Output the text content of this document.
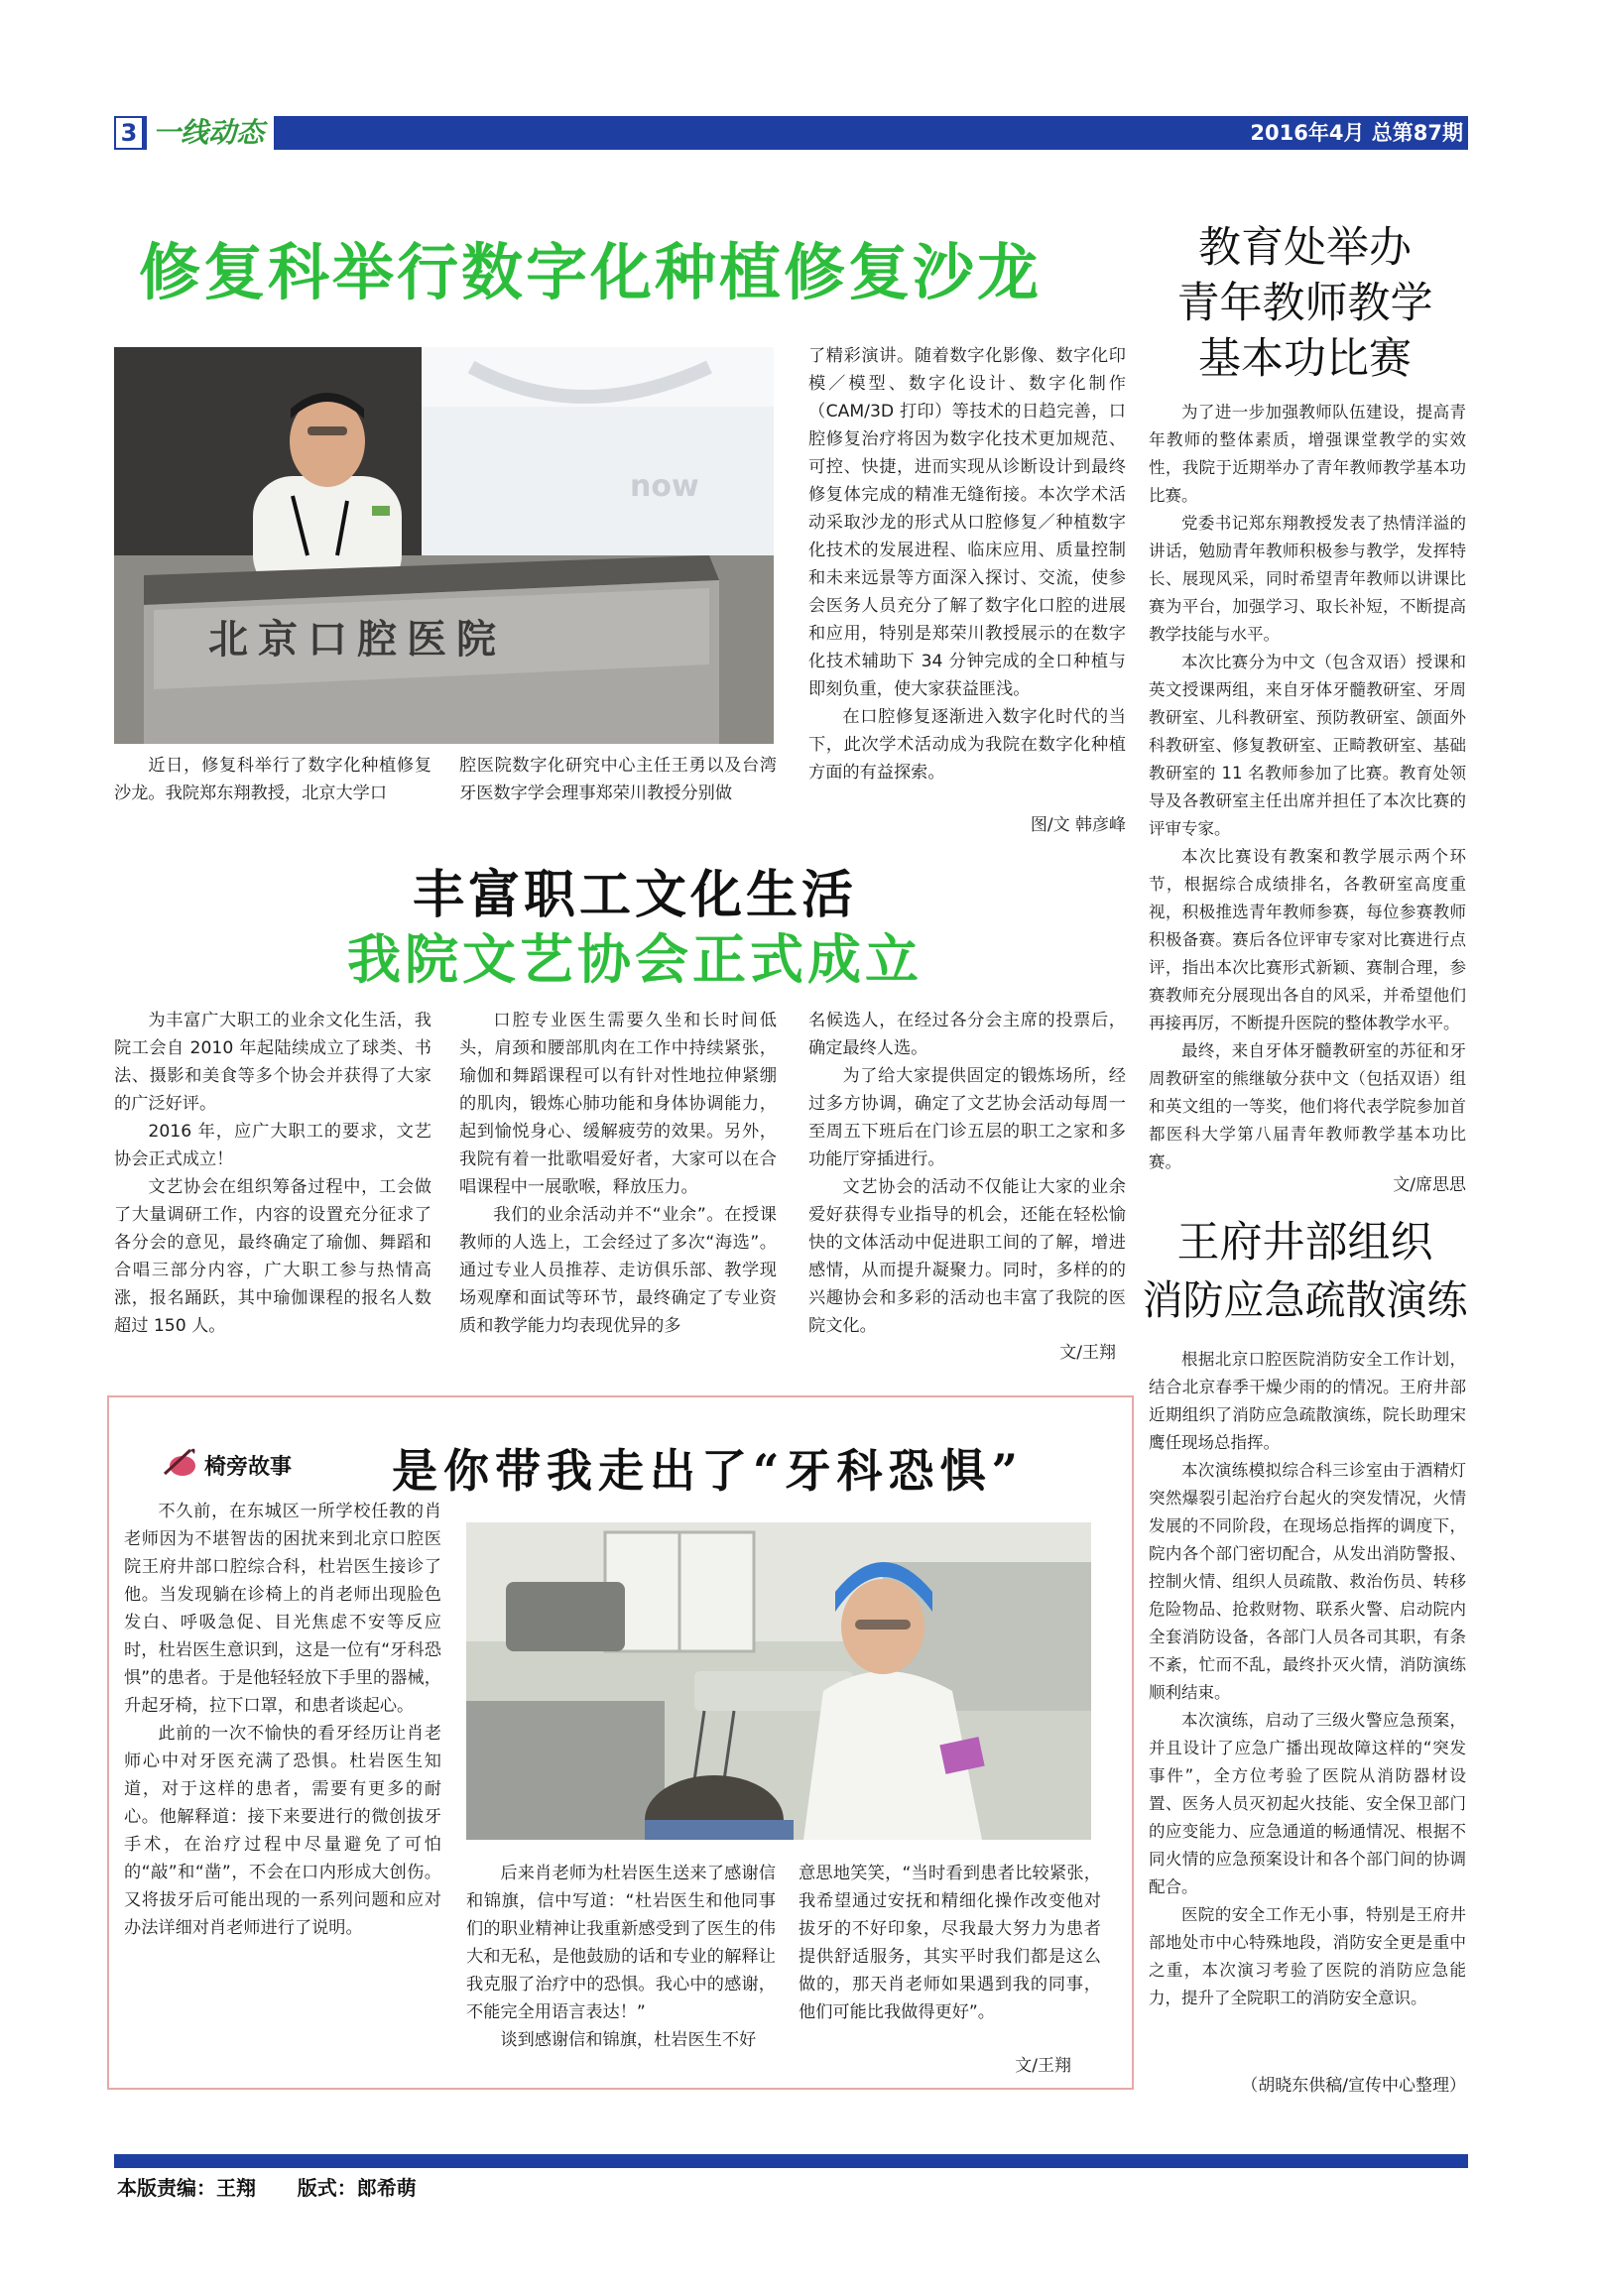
3 一线动态	2016年4月 总第87期
修复科举行数字化种植修复沙龙
now
北京口腔医院

近日，修复科举行了数字化种植修复沙龙。我院郑东翔教授，北京大学口

腔医院数字化研究中心主任王勇以及台湾牙医数字学会理事郑荣川教授分别做

了精彩演讲。随着数字化影像、数字化印模／模型、数字化设计、数字化制作（CAM/3D 打印）等技术的日趋完善，口腔修复治疗将因为数字化技术更加规范、可控、快捷，进而实现从诊断设计到最终修复体完成的精准无缝衔接。本次学术活动采取沙龙的形式从口腔修复／种植数字化技术的发展进程、临床应用、质量控制和未来远景等方面深入探讨、交流，使参会医务人员充分了解了数字化口腔的进展和应用，特别是郑荣川教授展示的在数字化技术辅助下 34 分钟完成的全口种植与即刻负重，使大家获益匪浅。

在口腔修复逐渐进入数字化时代的当下，此次学术活动成为我院在数字化种植方面的有益探索。

图/文 韩彦峰
教育处举办
青年教师教学
基本功比赛

为了进一步加强教师队伍建设，提高青年教师的整体素质，增强课堂教学的实效性，我院于近期举办了青年教师教学基本功比赛。

党委书记郑东翔教授发表了热情洋溢的讲话，勉励青年教师积极参与教学，发挥特长、展现风采，同时希望青年教师以讲课比赛为平台，加强学习、取长补短，不断提高教学技能与水平。

本次比赛分为中文（包含双语）授课和英文授课两组，来自牙体牙髓教研室、牙周教研室、儿科教研室、预防教研室、颌面外科教研室、修复教研室、正畸教研室、基础教研室的 11 名教师参加了比赛。教育处领导及各教研室主任出席并担任了本次比赛的评审专家。

本次比赛设有教案和教学展示两个环节，根据综合成绩排名，各教研室高度重视，积极推选青年教师参赛，每位参赛教师积极备赛。赛后各位评审专家对比赛进行点评，指出本次比赛形式新颖、赛制合理，参赛教师充分展现出各自的风采，并希望他们再接再厉，不断提升医院的整体教学水平。

最终，来自牙体牙髓教研室的苏征和牙周教研室的熊继敏分获中文（包括双语）组和英文组的一等奖，他们将代表学院参加首都医科大学第八届青年教师教学基本功比赛。

文/席思思
丰富职工文化生活
我院文艺协会正式成立

为丰富广大职工的业余文化生活，我院工会自 2010 年起陆续成立了球类、书法、摄影和美食等多个协会并获得了大家的广泛好评。

2016 年，应广大职工的要求，文艺协会正式成立！

文艺协会在组织筹备过程中，工会做了大量调研工作，内容的设置充分征求了各分会的意见，最终确定了瑜伽、舞蹈和合唱三部分内容，广大职工参与热情高涨，报名踊跃，其中瑜伽课程的报名人数超过 150 人。

口腔专业医生需要久坐和长时间低头，肩颈和腰部肌肉在工作中持续紧张，瑜伽和舞蹈课程可以有针对性地拉伸紧绷的肌肉，锻炼心肺功能和身体协调能力，起到愉悦身心、缓解疲劳的效果。另外，我院有着一批歌唱爱好者，大家可以在合唱课程中一展歌喉，释放压力。

我们的业余活动并不“业余”。在授课教师的人选上，工会经过了多次“海选”。通过专业人员推荐、走访俱乐部、教学现场观摩和面试等环节，最终确定了专业资质和教学能力均表现优异的多

名候选人，在经过各分会主席的投票后，确定最终人选。

为了给大家提供固定的锻炼场所，经过多方协调，确定了文艺协会活动每周一至周五下班后在门诊五层的职工之家和多功能厅穿插进行。

文艺协会的活动不仅能让大家的业余爱好获得专业指导的机会，还能在轻松愉快的文体活动中促进职工间的了解，增进感情，从而提升凝聚力。同时，多样的的兴趣协会和多彩的活动也丰富了我院的医院文化。

文/王翔
椅旁故事 是你带我走出了“牙科恐惧”

不久前，在东城区一所学校任教的肖老师因为不堪智齿的困扰来到北京口腔医院王府井部口腔综合科，杜岩医生接诊了他。当发现躺在诊椅上的肖老师出现脸色发白、呼吸急促、目光焦虑不安等反应时，杜岩医生意识到，这是一位有“牙科恐惧”的患者。于是他轻轻放下手里的器械，升起牙椅，拉下口罩，和患者谈起心。

此前的一次不愉快的看牙经历让肖老师心中对牙医充满了恐惧。杜岩医生知道，对于这样的患者，需要有更多的耐心。他解释道：接下来要进行的微创拔牙手术，在治疗过程中尽量避免了可怕的“敲”和“凿”，不会在口内形成大创伤。又将拔牙后可能出现的一系列问题和应对办法详细对肖老师进行了说明。

后来肖老师为杜岩医生送来了感谢信和锦旗，信中写道：“杜岩医生和他同事们的职业精神让我重新感受到了医生的伟大和无私，是他鼓励的话和专业的解释让我克服了治疗中的恐惧。我心中的感谢，不能完全用语言表达！”

谈到感谢信和锦旗，杜岩医生不好

意思地笑笑，“当时看到患者比较紧张，我希望通过安抚和精细化操作改变他对拔牙的不好印象，尽我最大努力为患者提供舒适服务，其实平时我们都是这么做的，那天肖老师如果遇到我的同事，他们可能比我做得更好”。

文/王翔
王府井部组织
消防应急疏散演练

根据北京口腔医院消防安全工作计划，结合北京春季干燥少雨的的情况。王府井部近期组织了消防应急疏散演练，院长助理宋鹰任现场总指挥。

本次演练模拟综合科三诊室由于酒精灯突然爆裂引起治疗台起火的突发情况，火情发展的不同阶段，在现场总指挥的调度下，院内各个部门密切配合，从发出消防警报、控制火情、组织人员疏散、救治伤员、转移危险物品、抢救财物、联系火警、启动院内全套消防设备，各部门人员各司其职，有条不紊，忙而不乱，最终扑灭火情，消防演练顺利结束。

本次演练，启动了三级火警应急预案，并且设计了应急广播出现故障这样的“突发事件”，全方位考验了医院从消防器材设置、医务人员灭初起火技能、安全保卫部门的应变能力、应急通道的畅通情况、根据不同火情的应急预案设计和各个部门间的协调配合。

医院的安全工作无小事，特别是王府井部地处市中心特殊地段，消防安全更是重中之重，本次演习考验了医院的消防应急能力，提升了全院职工的消防安全意识。

（胡晓东供稿/宣传中心整理）
本版责编：王翔      版式：郎希萌
